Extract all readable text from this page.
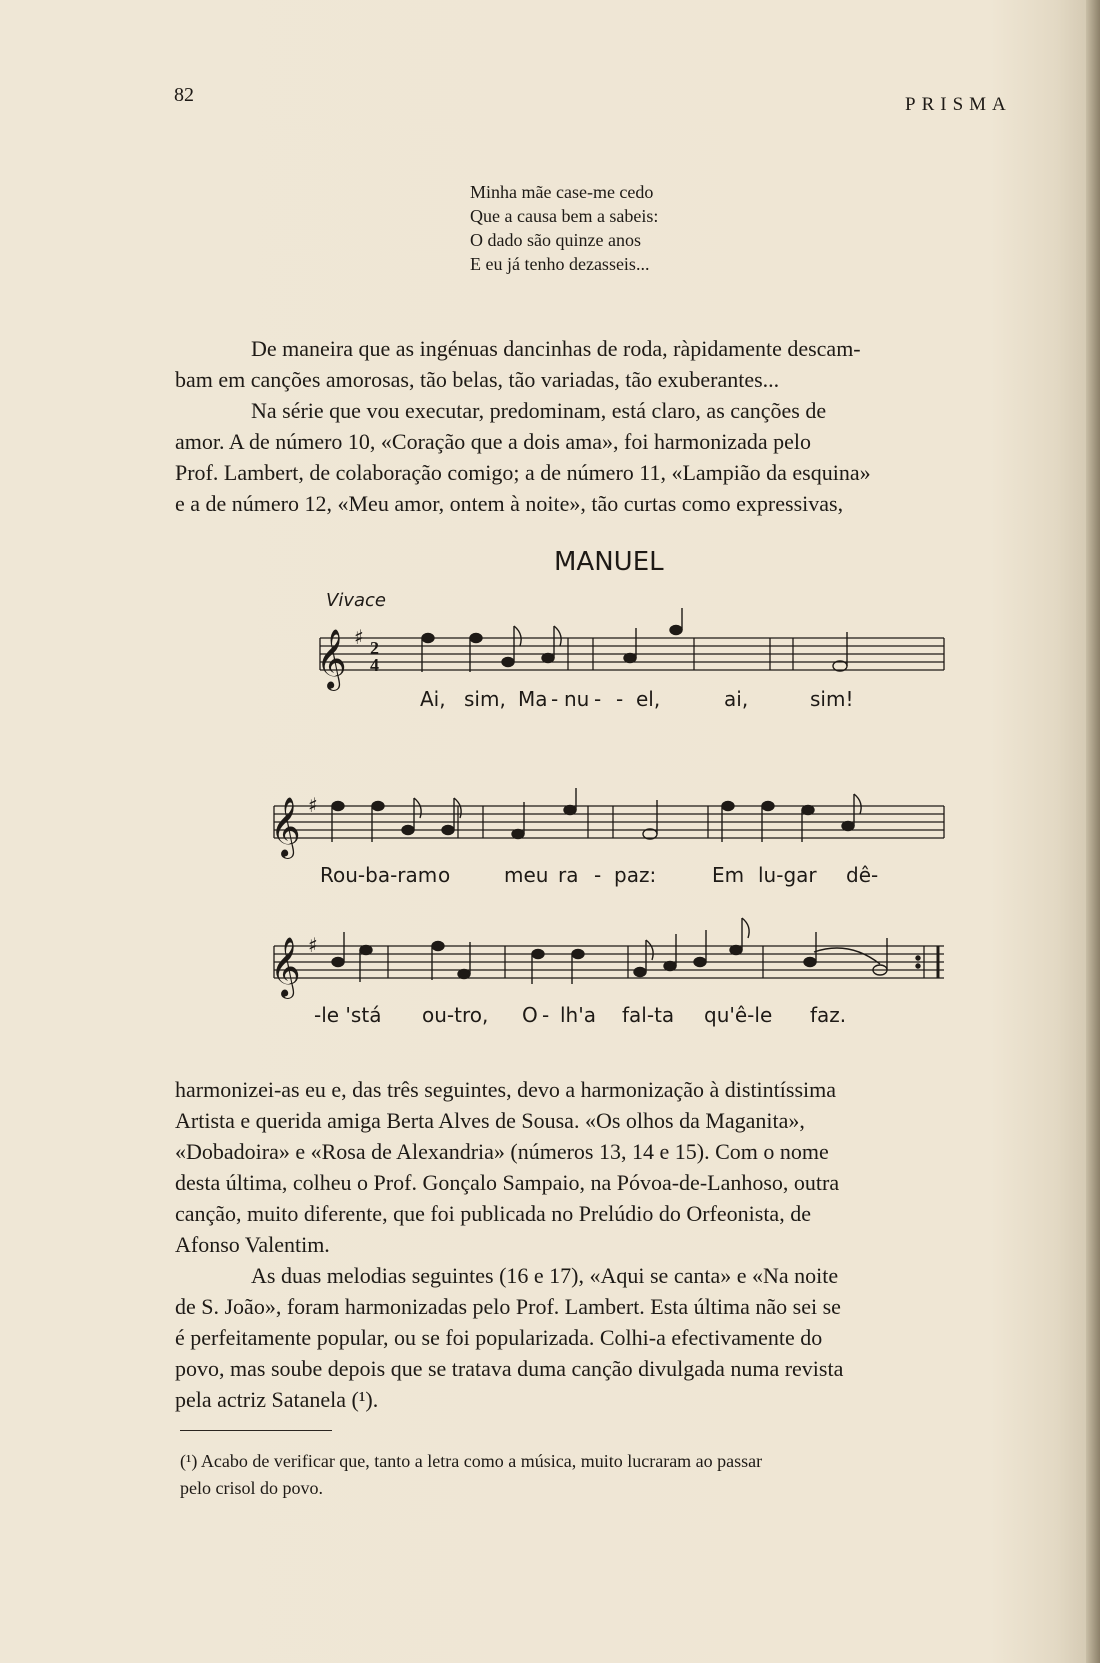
82	PRISMA
Minha mãe case-me cedo
Que a causa bem a sabeis:
O dado são quinze anos
E eu já tenho dezasseis...
De maneira que as ingénuas dancinhas de roda, ràpidamente descam-
bam em canções amorosas, tão belas, tão variadas, tão exuberantes...
Na série que vou executar, predominam, está claro, as canções de
amor. A de número 10, «Coração que a dois ama», foi harmonizada pelo
Prof. Lambert, de colaboração comigo; a de número 11, «Lampião da esquina»
e a de número 12, «Meu amor, ontem à noite», tão curtas como expressivas,
𝄞
𝄞
𝄞
♯
♯
♯
2
4
MANUEL
Vivace
Ai, sim, Ma - nu - - el,	ai,	sim!
Rou-ba-ram o	meu ra - paz:	Em lu-gar dê-
-le 'stá ou-tro, O - lh'a fal-ta qu'ê-le faz.
harmonizei-as eu e, das três seguintes, devo a harmonização à distintíssima
Artista e querida amiga Berta Alves de Sousa. «Os olhos da Maganita»,
«Dobadoira» e «Rosa de Alexandria» (números 13, 14 e 15). Com o nome
desta última, colheu o Prof. Gonçalo Sampaio, na Póvoa-de-Lanhoso, outra
canção, muito diferente, que foi publicada no Prelúdio do Orfeonista, de
Afonso Valentim.
As duas melodias seguintes (16 e 17), «Aqui se canta» e «Na noite
de S. João», foram harmonizadas pelo Prof. Lambert. Esta última não sei se
é perfeitamente popular, ou se foi popularizada. Colhi-a efectivamente do
povo, mas soube depois que se tratava duma canção divulgada numa revista
pela actriz Satanela (¹).
(¹) Acabo de verificar que, tanto a letra como a música, muito lucraram ao passar
pelo crisol do povo.
